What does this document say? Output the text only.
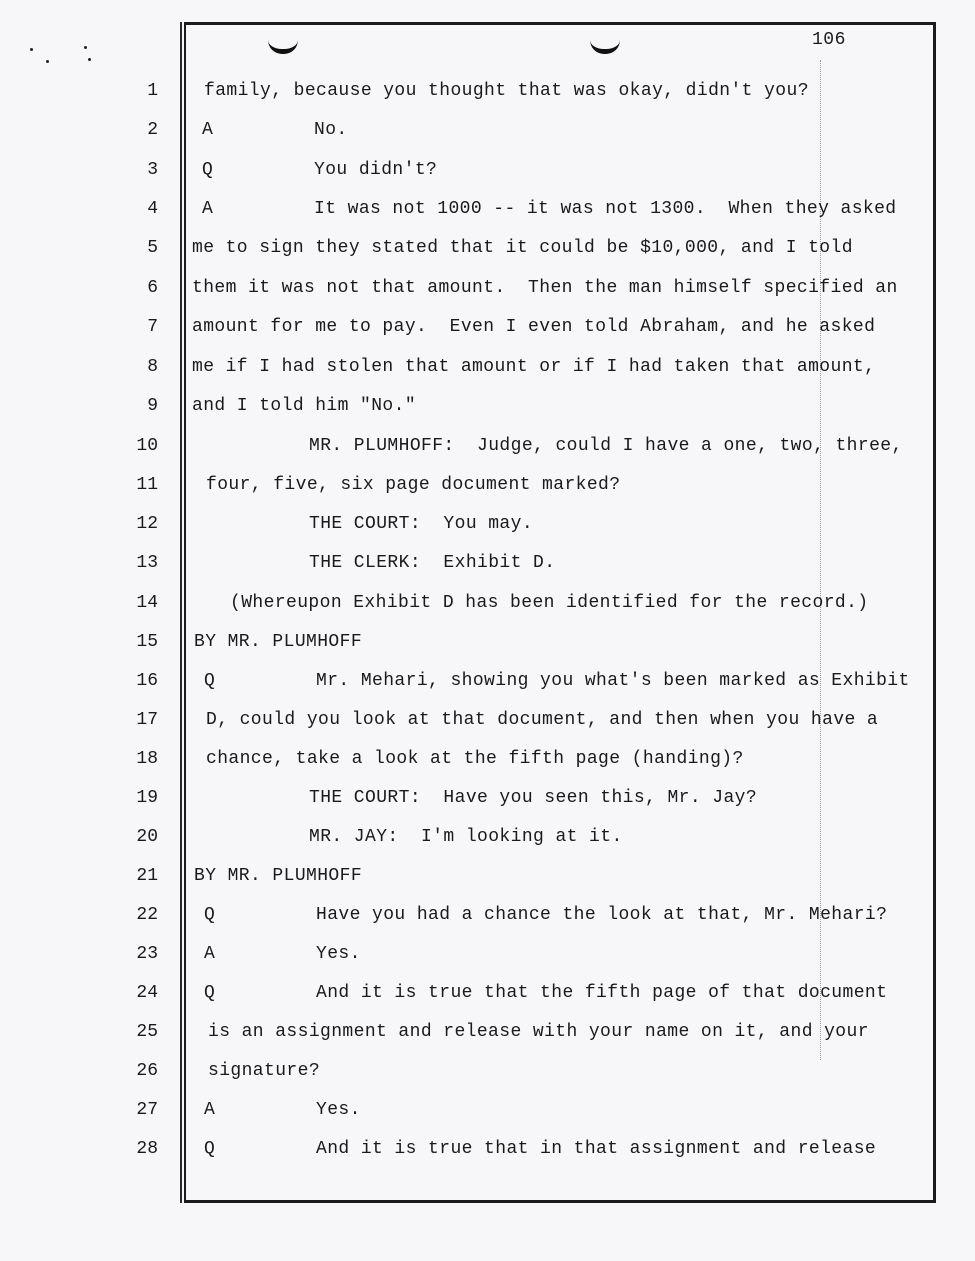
106
1	family, because you thought that was okay, didn't you?
2 A         No.
3 Q         You didn't?
4 A         It was not 1000 -- it was not 1300.  When they asked
5 me to sign they stated that it could be $10,000, and I told
6 them it was not that amount.  Then the man himself specified an
7 amount for me to pay.  Even I even told Abraham, and he asked
8 me if I had stolen that amount or if I had taken that amount,
9 and I told him "No."
10	MR. PLUMHOFF:  Judge, could I have a one, two, three,
11	four, five, six page document marked?
12	THE COURT:  You may.
13	THE CLERK:  Exhibit D.
14	(Whereupon Exhibit D has been identified for the record.)
15 BY MR. PLUMHOFF
16	Q         Mr. Mehari, showing you what's been marked as Exhibit
17	D, could you look at that document, and then when you have a
18	chance, take a look at the fifth page (handing)?
19	THE COURT:  Have you seen this, Mr. Jay?
20	MR. JAY:  I'm looking at it.
21 BY MR. PLUMHOFF
22	Q         Have you had a chance the look at that, Mr. Mehari?
23	A         Yes.
24	Q         And it is true that the fifth page of that document
25	is an assignment and release with your name on it, and your
26	signature?
27	A         Yes.
28	Q         And it is true that in that assignment and release
